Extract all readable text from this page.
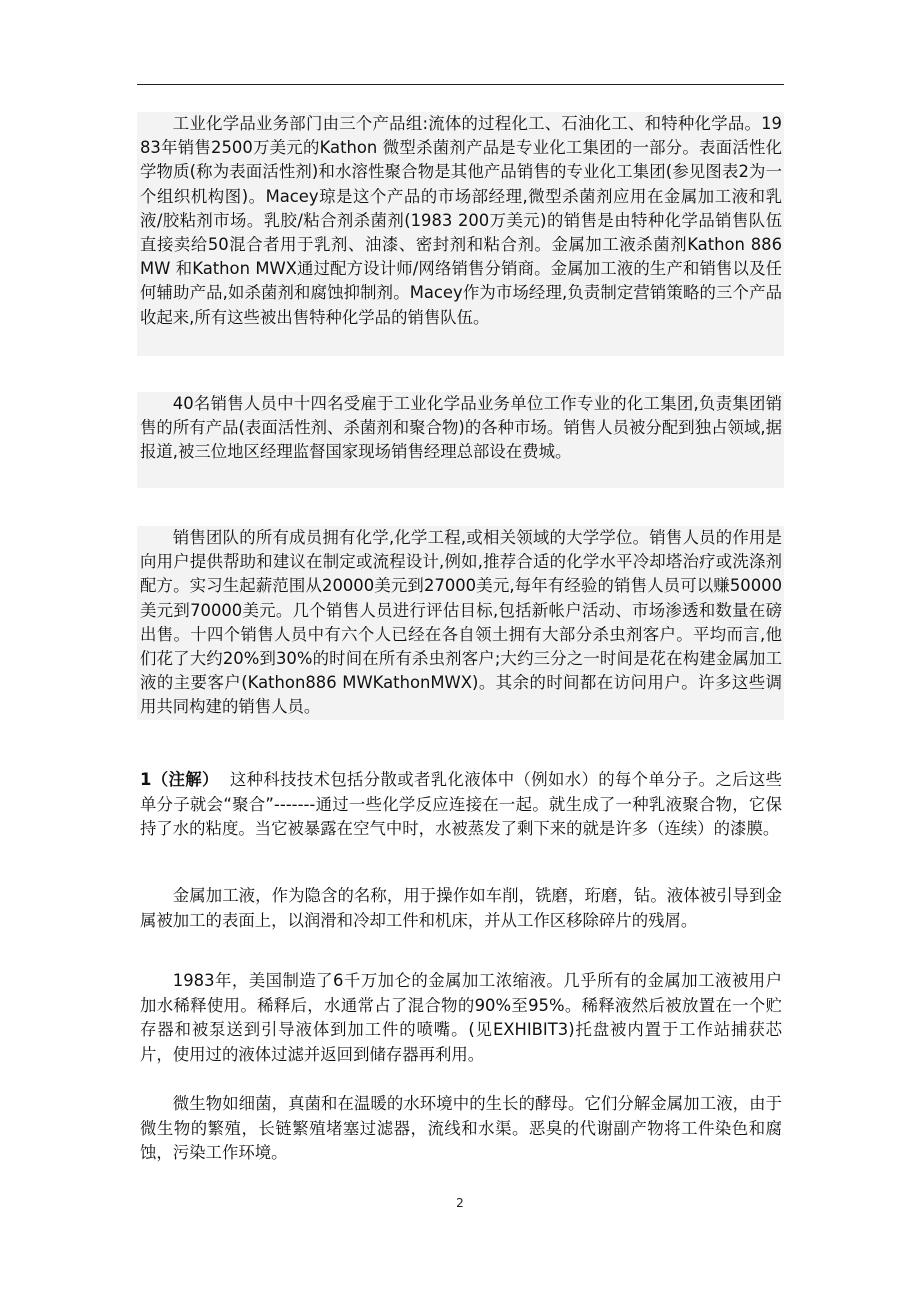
工业化学品业务部门由三个产品组:流体的过程化工、石油化工、和特种化学品。1983年销售2500万美元的Kathon 微型杀菌剂产品是专业化工集团的一部分。表面活性化学物质(称为表面活性剂)和水溶性聚合物是其他产品销售的专业化工集团(参见图表2为一个组织机构图)。Macey琼是这个产品的市场部经理,微型杀菌剂应用在金属加工液和乳液/胶粘剂市场。乳胶/粘合剂杀菌剂(1983 200万美元)的销售是由特种化学品销售队伍直接卖给50混合者用于乳剂、油漆、密封剂和粘合剂。金属加工液杀菌剂Kathon 886 MW 和Kathon MWX通过配方设计师/网络销售分销商。金属加工液的生产和销售以及任何辅助产品,如杀菌剂和腐蚀抑制剂。Macey作为市场经理,负责制定营销策略的三个产品收起来,所有这些被出售特种化学品的销售队伍。

40名销售人员中十四名受雇于工业化学品业务单位工作专业的化工集团,负责集团销售的所有产品(表面活性剂、杀菌剂和聚合物)的各种市场。销售人员被分配到独占领域,据报道,被三位地区经理监督国家现场销售经理总部设在费城。

销售团队的所有成员拥有化学,化学工程,或相关领域的大学学位。销售人员的作用是向用户提供帮助和建议在制定或流程设计,例如,推荐合适的化学水平冷却塔治疗或洗涤剂配方。实习生起薪范围从20000美元到27000美元,每年有经验的销售人员可以赚50000美元到70000美元。几个销售人员进行评估目标,包括新帐户活动、市场渗透和数量在磅出售。十四个销售人员中有六个人已经在各自领土拥有大部分杀虫剂客户。平均而言,他们花了大约20%到30%的时间在所有杀虫剂客户;大约三分之一时间是花在构建金属加工液的主要客户(Kathon886 MWKathonMWX)。其余的时间都在访问用户。许多这些调用共同构建的销售人员。

1（注解） 这种科技技术包括分散或者乳化液体中（例如水）的每个单分子。之后这些单分子就会“聚合”-------通过一些化学反应连接在一起。就生成了一种乳液聚合物，它保持了水的粘度。当它被暴露在空气中时，水被蒸发了剩下来的就是许多（连续）的漆膜。

金属加工液，作为隐含的名称，用于操作如车削，铣磨，珩磨，钻。液体被引导到金属被加工的表面上，以润滑和冷却工件和机床，并从工作区移除碎片的残屑。

1983年，美国制造了6千万加仑的金属加工浓缩液。几乎所有的金属加工液被用户加水稀释使用。稀释后，水通常占了混合物的90%至95%。稀释液然后被放置在一个贮存器和被泵送到引导液体到加工件的喷嘴。(见EXHIBIT3)托盘被内置于工作站捕获芯片，使用过的液体过滤并返回到储存器再利用。

微生物如细菌，真菌和在温暖的水环境中的生长的酵母。它们分解金属加工液，由于微生物的繁殖，长链繁殖堵塞过滤器，流线和水渠。恶臭的代谢副产物将工件染色和腐蚀，污染工作环境。

2
